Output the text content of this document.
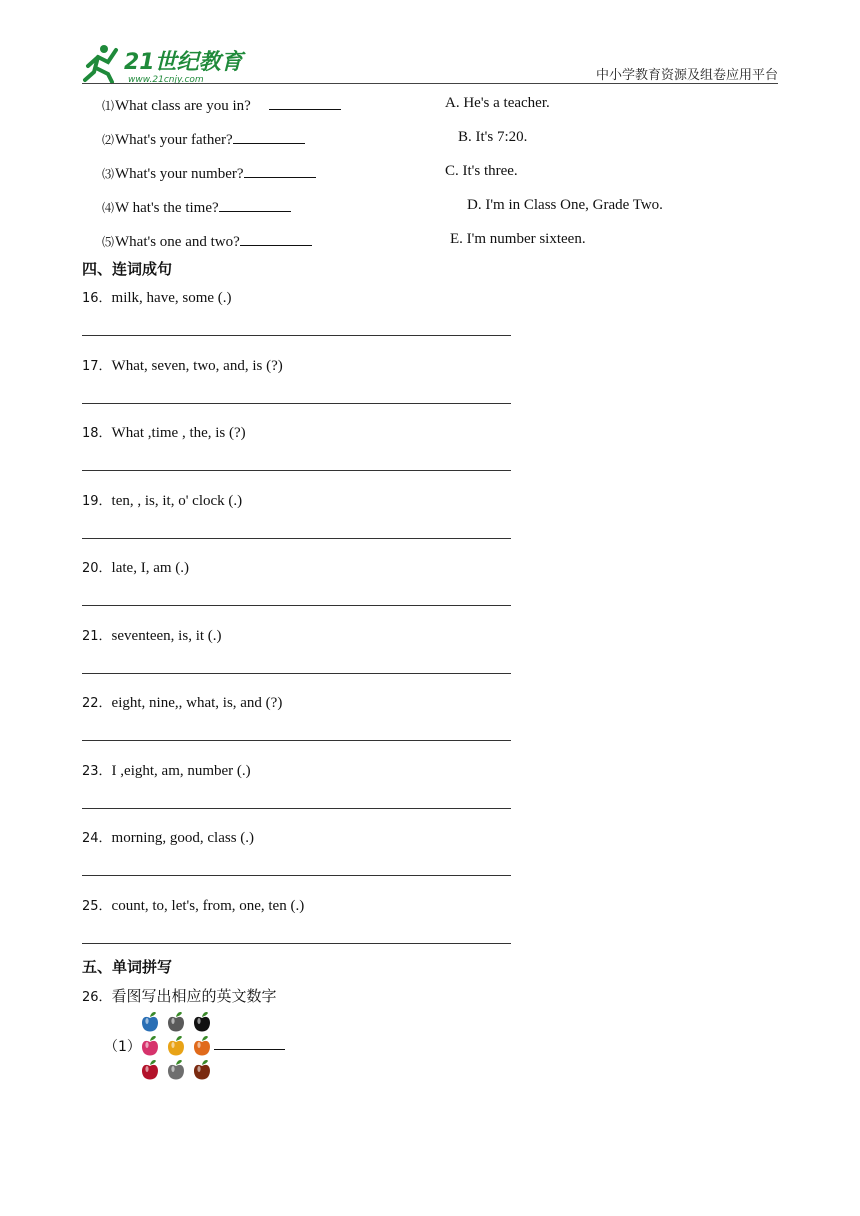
21世纪教育
www.21cnjy.com	中小学教育资源及组卷应用平台
⑴What class are you in?
⑵What's your father?
⑶What's your number?
⑷W hat's the time?
⑸What's one and two?
A. He's a teacher.
B. It's 7:20.
C. It's three.
D. I'm in Class One, Grade Two.
E. I'm number sixteen.
四、连词成句
16．milk, have, some (.)
17．What, seven, two, and, is (?)
18．What ,time , the, is (?)
19．ten, , is, it, o' clock (.)
20．late, I, am (.)
21．seventeen, is, it (.)
22．eight, nine,, what, is, and (?)
23．I ,eight, am, number (.)
24．morning, good, class (.)
25．count, to, let's, from, one, ten (.)
五、单词拼写
26．看图写出相应的英文数字
（1）
